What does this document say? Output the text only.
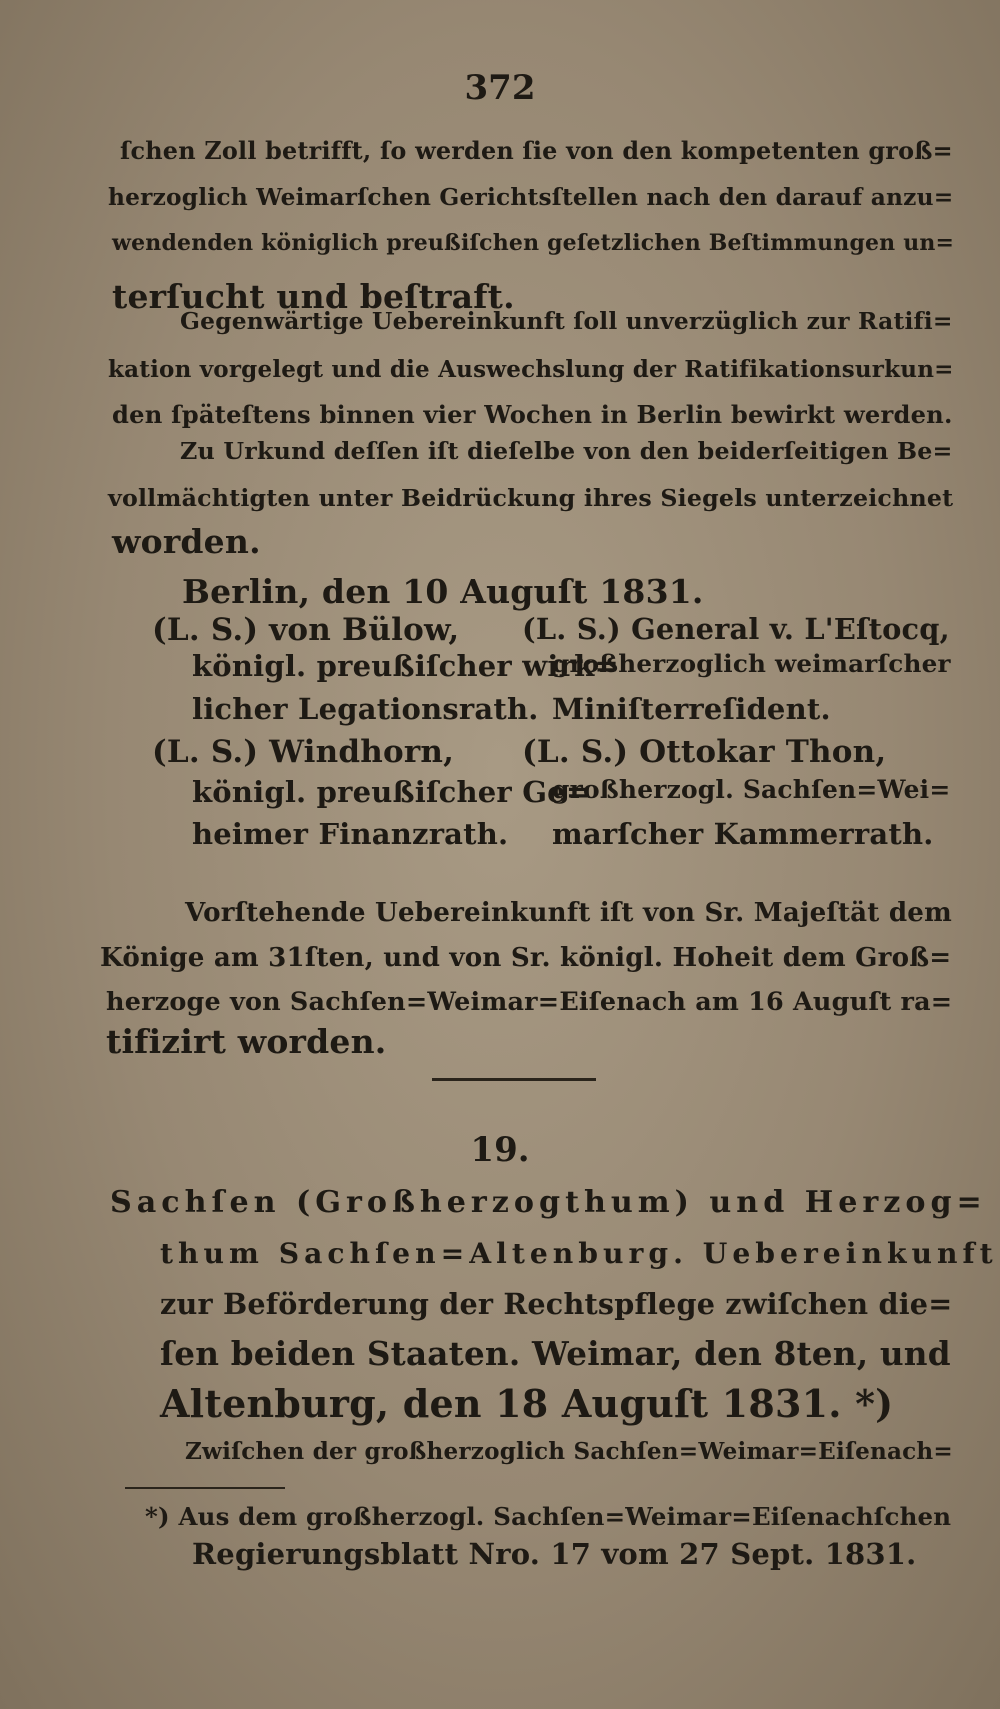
372
ſchen Zoll betrifft, ſo werden ſie von den kompetenten groß=
herzoglich Weimarſchen Gerichtsſtellen nach den darauf anzu=
wendenden königlich preußiſchen geſetzlichen Beſtimmungen un=
terſucht und beſtraft.
Gegenwärtige Uebereinkunft ſoll unverzüglich zur Ratifi=
kation vorgelegt und die Auswechslung der Ratifikationsurkun=
den ſpäteſtens binnen vier Wochen in Berlin bewirkt werden.
Zu Urkund deſſen iſt dieſelbe von den beiderſeitigen Be=
vollmächtigten unter Beidrückung ihres Siegels unterzeichnet
worden.
Berlin, den 10 Auguſt 1831.
(L. S.) von Bülow, (L. S.) General v. L'Eſtocq,
königl. preußiſcher wirk=
großherzoglich weimarſcher
licher Legationsrath. Miniſterreſident.
(L. S.) Windhorn, (L. S.) Ottokar Thon,
königl. preußiſcher Ge=
großherzogl. Sachſen=Wei=
heimer Finanzrath. marſcher Kammerrath.
Vorſtehende Uebereinkunft iſt von Sr. Majeſtät dem
Könige am 31ſten, und von Sr. königl. Hoheit dem Groß=
herzoge von Sachſen=Weimar=Eiſenach am 16 Auguſt ra=
tifizirt worden.
19.
Sachſen (Großherzogthum) und Herzog=
thum Sachſen=Altenburg. Uebereinkunft
zur Beförderung der Rechtspflege zwiſchen die=
ſen beiden Staaten. Weimar, den 8ten, und
Altenburg, den 18 Auguſt 1831. *)
Zwiſchen der großherzoglich Sachſen=Weimar=Eiſenach=
*) Aus dem großherzogl. Sachſen=Weimar=Eiſenachſchen
Regierungsblatt Nro. 17 vom 27 Sept. 1831.
